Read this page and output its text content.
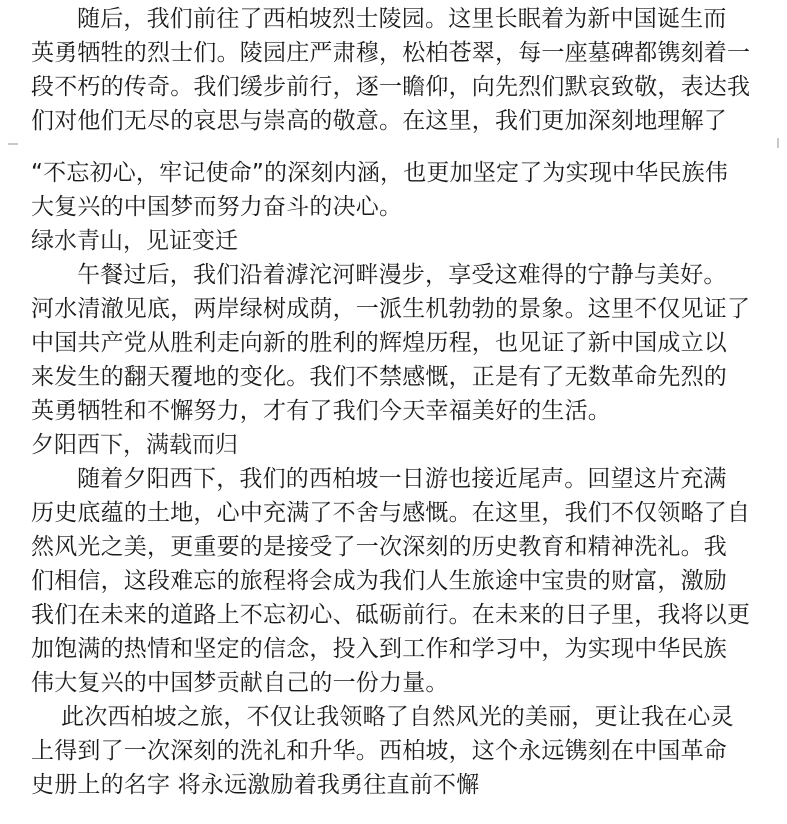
随后，我们前往了西柏坡烈士陵园。这里长眠着为新中国诞生而
英勇牺牲的烈士们。陵园庄严肃穆，松柏苍翠，每一座墓碑都镌刻着一
段不朽的传奇。我们缓步前行，逐一瞻仰，向先烈们默哀致敬，表达我
们对他们无尽的哀思与崇高的敬意。在这里，我们更加深刻地理解了
“不忘初心，牢记使命”的深刻内涵，也更加坚定了为实现中华民族伟
大复兴的中国梦而努力奋斗的决心。
绿水青山，见证变迁
午餐过后，我们沿着滹沱河畔漫步，享受这难得的宁静与美好。
河水清澈见底，两岸绿树成荫，一派生机勃勃的景象。这里不仅见证了
中国共产党从胜利走向新的胜利的辉煌历程，也见证了新中国成立以
来发生的翻天覆地的变化。我们不禁感慨，正是有了无数革命先烈的
英勇牺牲和不懈努力，才有了我们今天幸福美好的生活。
夕阳西下，满载而归
随着夕阳西下，我们的西柏坡一日游也接近尾声。回望这片充满
历史底蕴的土地，心中充满了不舍与感慨。在这里，我们不仅领略了自
然风光之美，更重要的是接受了一次深刻的历史教育和精神洗礼。我
们相信，这段难忘的旅程将会成为我们人生旅途中宝贵的财富，激励
我们在未来的道路上不忘初心、砥砺前行。在未来的日子里，我将以更
加饱满的热情和坚定的信念，投入到工作和学习中，为实现中华民族
伟大复兴的中国梦贡献自己的一份力量。
此次西柏坡之旅，不仅让我领略了自然风光的美丽，更让我在心灵
上得到了一次深刻的洗礼和升华。西柏坡，这个永远镌刻在中国革命
史册上的名字 将永远激励着我勇往直前不懈
